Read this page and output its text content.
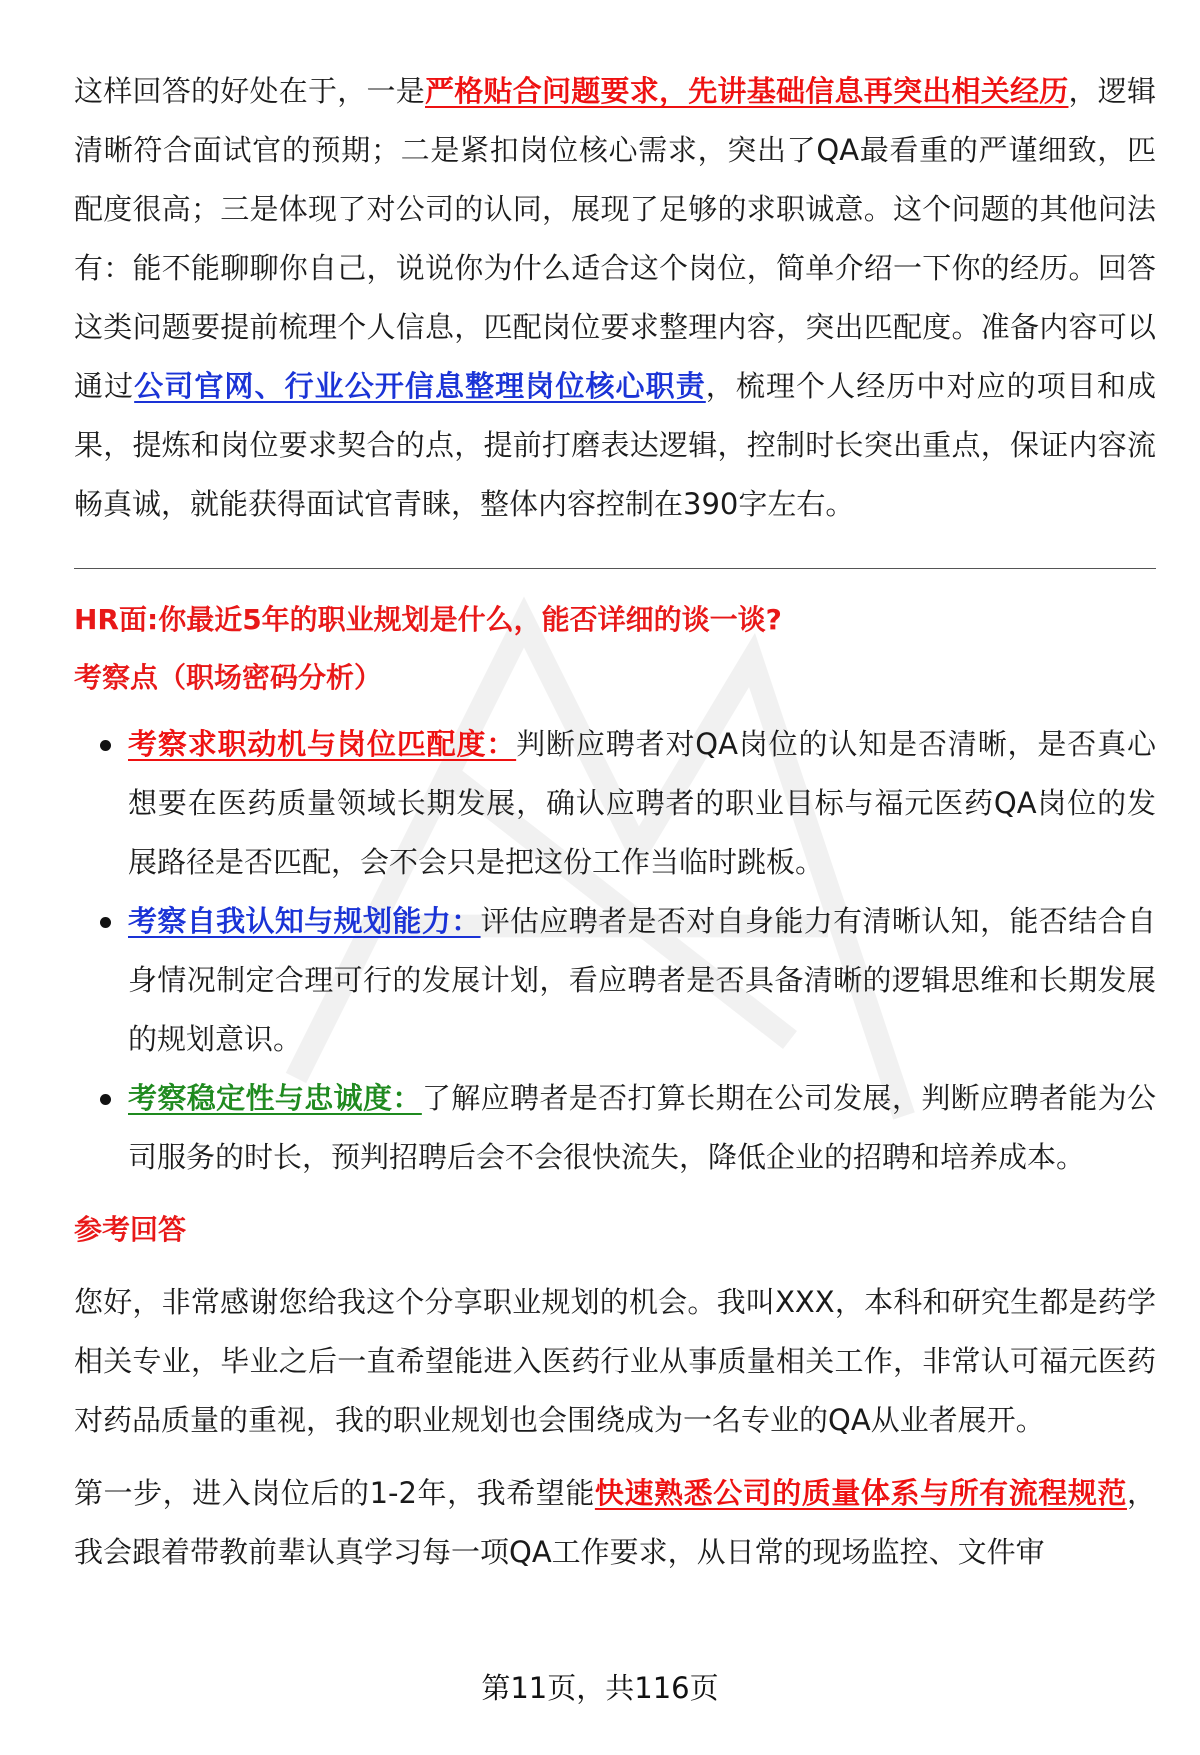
这样回答的好处在于，一是严格贴合问题要求，先讲基础信息再突出相关经历，逻辑清晰符合面试官的预期；二是紧扣岗位核心需求，突出了QA最看重的严谨细致，匹配度很高；三是体现了对公司的认同，展现了足够的求职诚意。这个问题的其他问法有：能不能聊聊你自己，说说你为什么适合这个岗位，简单介绍一下你的经历。回答这类问题要提前梳理个人信息，匹配岗位要求整理内容，突出匹配度。准备内容可以通过公司官网、行业公开信息整理岗位核心职责，梳理个人经历中对应的项目和成果，提炼和岗位要求契合的点，提前打磨表达逻辑，控制时长突出重点，保证内容流畅真诚，就能获得面试官青睐，整体内容控制在390字左右。

HR面:你最近5年的职业规划是什么，能否详细的谈一谈?

考察点（职场密码分析）

考察求职动机与岗位匹配度：判断应聘者对QA岗位的认知是否清晰，是否真心想要在医药质量领域长期发展，确认应聘者的职业目标与福元医药QA岗位的发展路径是否匹配，会不会只是把这份工作当临时跳板。
考察自我认知与规划能力：评估应聘者是否对自身能力有清晰认知，能否结合自身情况制定合理可行的发展计划，看应聘者是否具备清晰的逻辑思维和长期发展的规划意识。
考察稳定性与忠诚度：了解应聘者是否打算长期在公司发展，判断应聘者能为公司服务的时长，预判招聘后会不会很快流失，降低企业的招聘和培养成本。

参考回答

您好，非常感谢您给我这个分享职业规划的机会。我叫XXX，本科和研究生都是药学相关专业，毕业之后一直希望能进入医药行业从事质量相关工作，非常认可福元医药对药品质量的重视，我的职业规划也会围绕成为一名专业的QA从业者展开。

第一步，进入岗位后的1-2年，我希望能快速熟悉公司的质量体系与所有流程规范，我会跟着带教前辈认真学习每一项QA工作要求，从日常的现场监控、文件审

第11页，共116页
